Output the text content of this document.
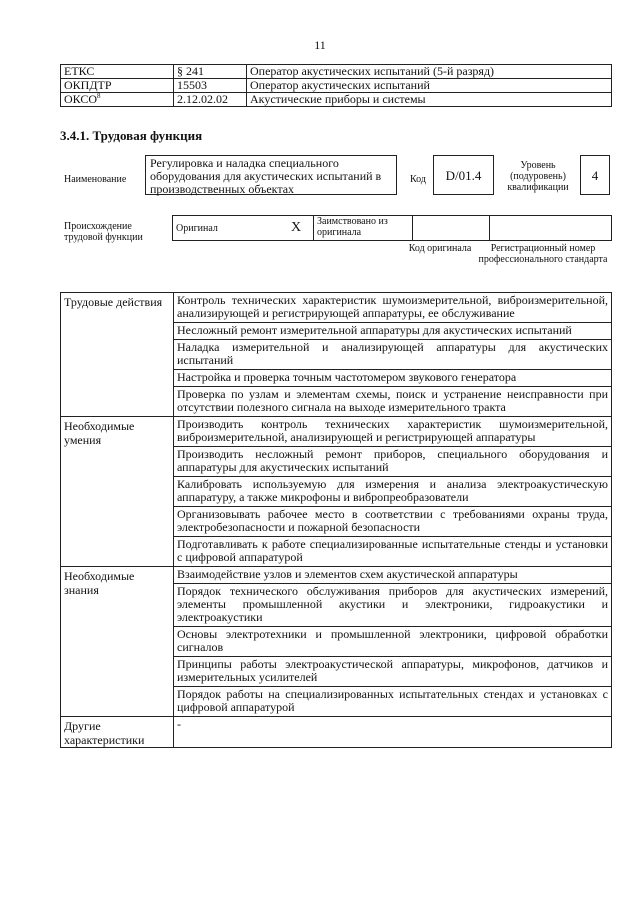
11
ЕТКС	§ 241	Оператор акустических испытаний (5-й разряд)
ОКПДТР	15503	Оператор акустических испытаний
ОКСО$^8$	2.12.02.02	Акустические приборы и системы
3.4.1. Трудовая функция
Наименование
Регулировка и наладка специального оборудования для акустических испытаний в производственных объектах
Код	D/01.4
Уровень (подуровень) квалификации
4
Происхождение трудовой функции
Оригинал	X	Заимствовано из оригинала		
Код оригинала	Регистрационный номер профессионального стандарта
Трудовые действия	Контроль технических характеристик шумоизмерительной, виброизмерительной, анализирующей и регистрирующей аппаратуры, ее обслуживание
	Несложный ремонт измерительной аппаратуры для акустических испытаний
	Наладка измерительной и анализирующей аппаратуры для акустических испытаний
	Настройка и проверка точным частотомером звукового генератора
	Проверка по узлам и элементам схемы, поиск и устранение неисправности при отсутствии полезного сигнала на выходе измерительного тракта
Необходимые умения	Производить контроль технических характеристик шумоизмерительной, виброизмерительной, анализирующей и регистрирующей аппаратуры
	Производить несложный ремонт приборов, специального оборудования и аппаратуры для акустических испытаний
	Калибровать используемую для измерения и анализа электроакустическую аппаратуру, а также микрофоны и вибропреобразователи
	Организовывать рабочее место в соответствии с требованиями охраны труда, электробезопасности и пожарной безопасности
	Подготавливать к работе специализированные испытательные стенды и установки с цифровой аппаратурой
Необходимые знания	Взаимодействие узлов и элементов схем акустической аппаратуры
	Порядок технического обслуживания приборов для акустических измерений, элементы промышленной акустики и электроники, гидроакустики и электроакустики
	Основы электротехники и промышленной электроники, цифровой обработки сигналов
	Принципы работы электроакустической аппаратуры, микрофонов, датчиков и измерительных усилителей
	Порядок работы на специализированных испытательных стендах и установках с цифровой аппаратурой
Другие характеристики	-
